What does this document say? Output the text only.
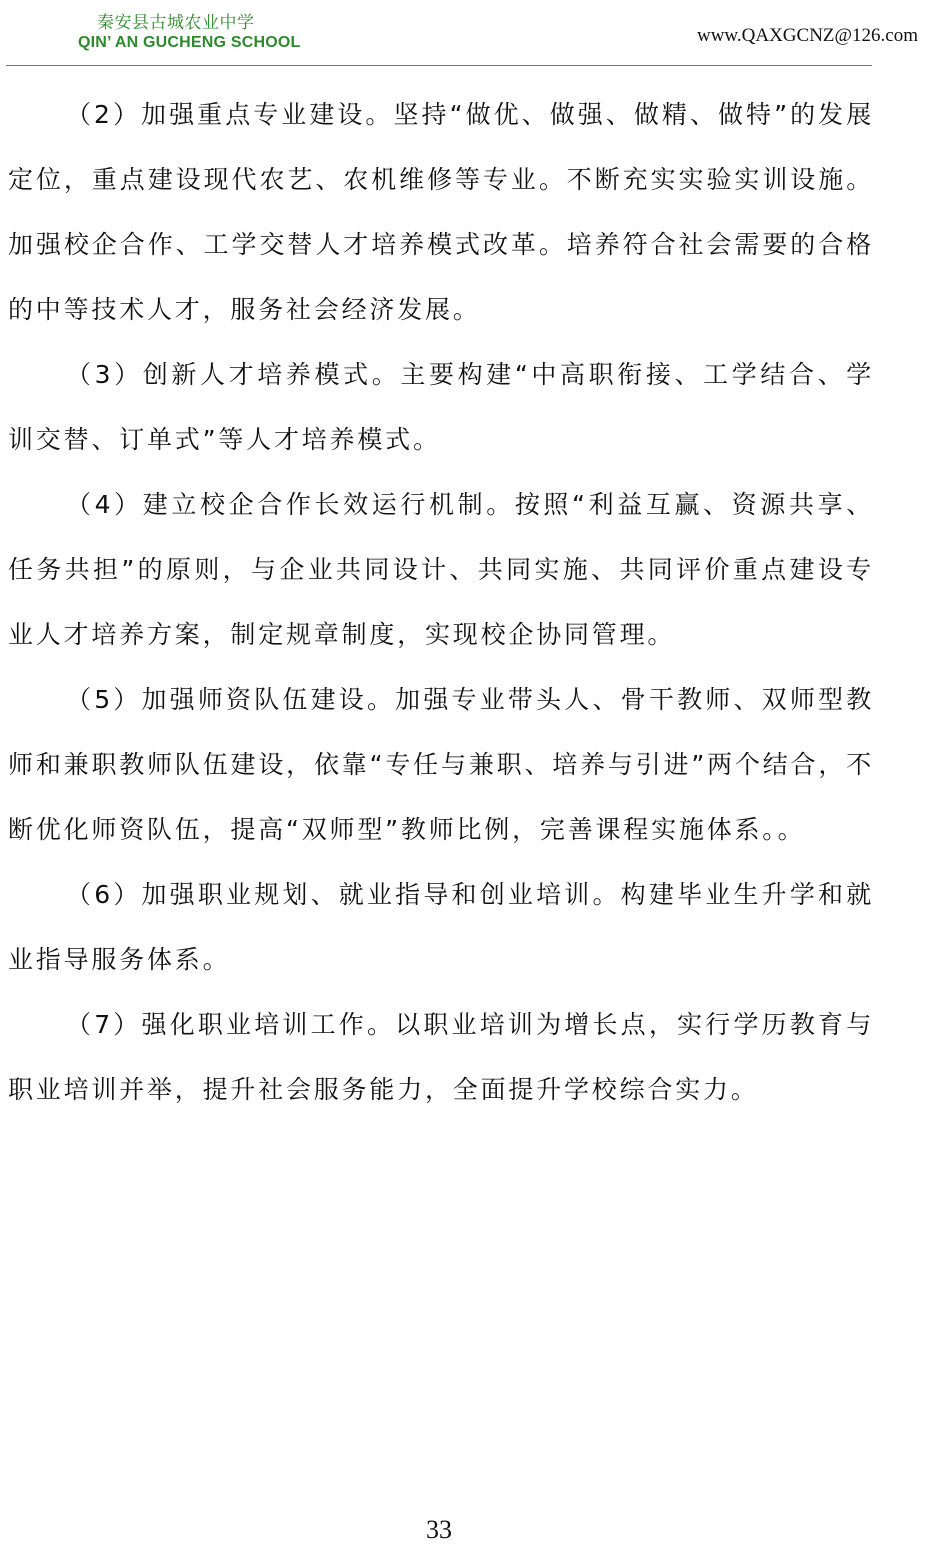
秦安县古城农业中学
QIN’ AN GUCHENG SCHOOL	www.QAXGCNZ@126.com

（2）加强重点专业建设。坚持“做优、做强、做精、做特”的发展定位，重点建设现代农艺、农机维修等专业。不断充实实验实训设施。加强校企合作、工学交替人才培养模式改革。培养符合社会需要的合格的中等技术人才，服务社会经济发展。

（3）创新人才培养模式。主要构建“中高职衔接、工学结合、学训交替、订单式”等人才培养模式。

（4）建立校企合作长效运行机制。按照“利益互赢、资源共享、任务共担”的原则，与企业共同设计、共同实施、共同评价重点建设专业人才培养方案，制定规章制度，实现校企协同管理。

（5）加强师资队伍建设。加强专业带头人、骨干教师、双师型教师和兼职教师队伍建设，依靠“专任与兼职、培养与引进”两个结合，不断优化师资队伍，提高“双师型”教师比例，完善课程实施体系。。

（6）加强职业规划、就业指导和创业培训。构建毕业生升学和就业指导服务体系。

（7）强化职业培训工作。以职业培训为增长点，实行学历教育与职业培训并举，提升社会服务能力，全面提升学校综合实力。

33
